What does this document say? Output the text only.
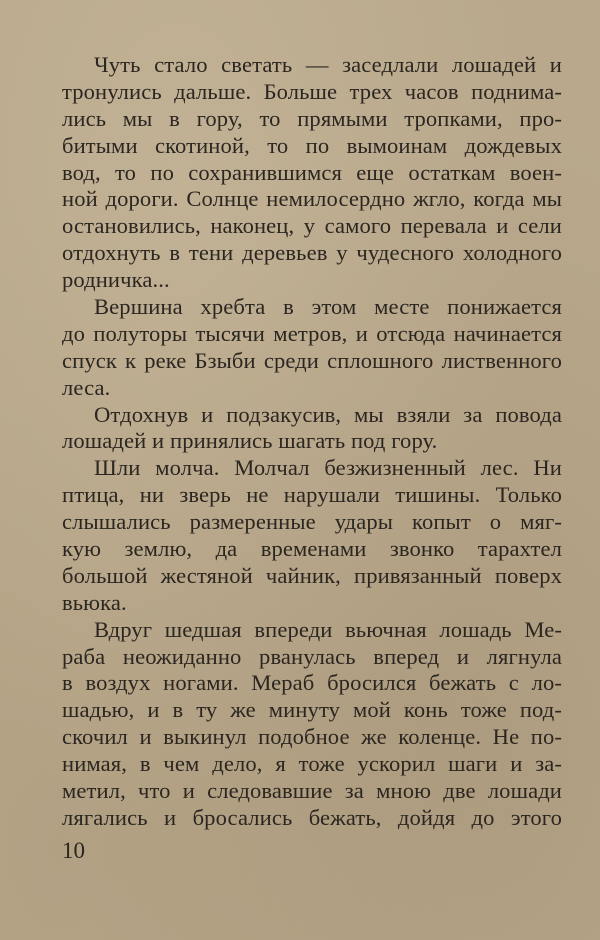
Чуть стало светать — заседлали лошадей и
тронулись дальше. Больше трех часов поднима-
лись мы в гору, то прямыми тропками, про-
битыми скотиной, то по вымоинам дождевых
вод, то по сохранившимся еще остаткам воен-
ной дороги. Солнце немилосердно жгло, когда мы
остановились, наконец, у самого перевала и сели
отдохнуть в тени деревьев у чудесного холодного
родничка...
Вершина хребта в этом месте понижается
до полуторы тысячи метров, и отсюда начинается
спуск к реке Бзыби среди сплошного лиственного
леса.
Отдохнув и подзакусив, мы взяли за повода
лошадей и принялись шагать под гору.
Шли молча. Молчал безжизненный лес. Ни
птица, ни зверь не нарушали тишины. Только
слышались размеренные удары копыт о мяг-
кую землю, да временами звонко тарахтел
большой жестяной чайник, привязанный поверх
вьюка.
Вдруг шедшая впереди вьючная лошадь Ме-
раба неожиданно рванулась вперед и лягнула
в воздух ногами. Мераб бросился бежать с ло-
шадью, и в ту же минуту мой конь тоже под-
скочил и выкинул подобное же коленце. Не по-
нимая, в чем дело, я тоже ускорил шаги и за-
метил, что и следовавшие за мною две лошади
лягались и бросались бежать, дойдя до этого
10
